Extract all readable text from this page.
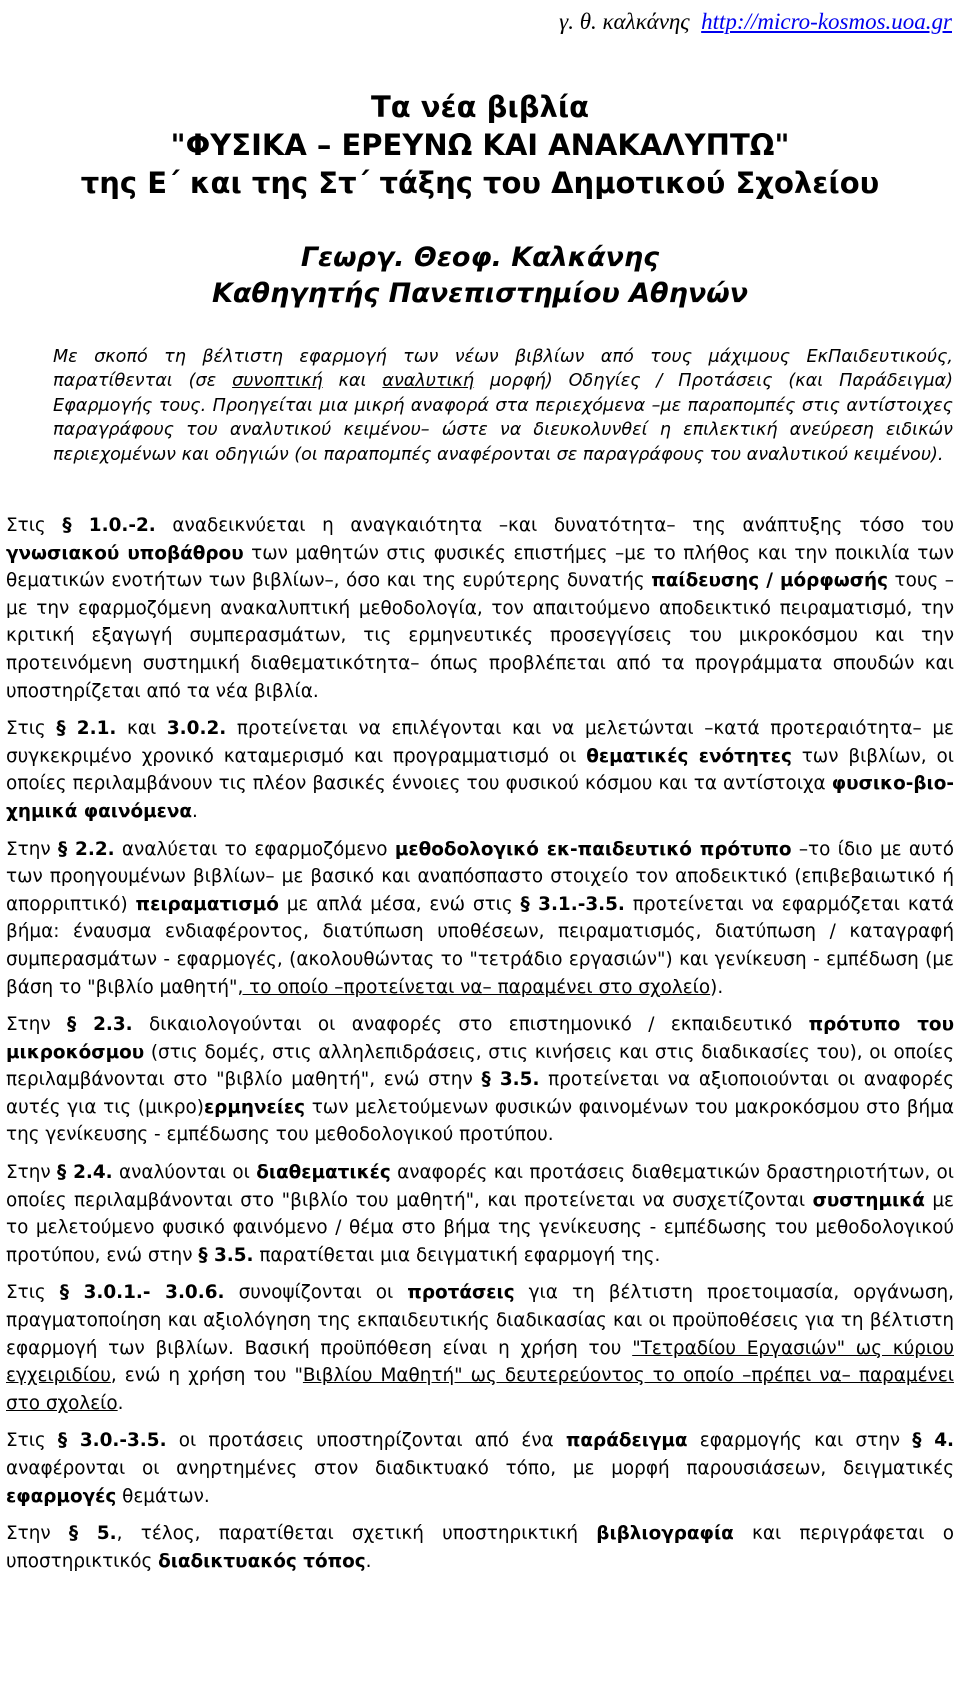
γ. θ. καλκάνης http://micro-kosmos.uoa.gr
Τα νέα βιβλία
"ΦΥΣΙΚΑ – ΕΡΕΥΝΩ ΚΑΙ ΑΝΑΚΑΛΥΠΤΩ"
της Ε΄ και της Στ΄ τάξης του Δημοτικού Σχολείου
Γεωργ. Θεοφ. Καλκάνης
Καθηγητής Πανεπιστημίου Αθηνών

Με σκοπό τη βέλτιστη εφαρμογή των νέων βιβλίων από τους μάχιμους ΕκΠαιδευτικούς, παρατίθενται (σε συνοπτική και αναλυτική μορφή) Οδηγίες / Προτάσεις (και Παράδειγμα) Εφαρμογής τους. Προηγείται μια μικρή αναφορά στα περιεχόμενα –με παραπομπές στις αντίστοιχες παραγράφους του αναλυτικού κειμένου– ώστε να διευκολυνθεί η επιλεκτική ανεύρεση ειδικών περιεχομένων και οδηγιών (οι παραπομπές αναφέρονται σε παραγράφους του αναλυτικού κειμένου).

Στις § 1.0.-2. αναδεικνύεται η αναγκαιότητα –και δυνατότητα– της ανάπτυξης τόσο του γνωσιακού υποβάθρου των μαθητών στις φυσικές επιστήμες –με το πλήθος και την ποικιλία των θεματικών ενοτήτων των βιβλίων–, όσο και της ευρύτερης δυνατής παίδευσης / μόρφωσής τους –με την εφαρμοζόμενη ανακαλυπτική μεθοδολογία, τον απαιτούμενο αποδεικτικό πειραματισμό, την κριτική εξαγωγή συμπερασμάτων, τις ερμηνευτικές προσεγγίσεις του μικροκόσμου και την προτεινόμενη συστημική διαθεματικότητα– όπως προβλέπεται από τα προγράμματα σπουδών και υποστηρίζεται από τα νέα βιβλία.

Στις § 2.1. και 3.0.2. προτείνεται να επιλέγονται και να μελετώνται –κατά προτεραιότητα– με συγκεκριμένο χρονικό καταμερισμό και προγραμματισμό οι θεματικές ενότητες των βιβλίων, οι οποίες περιλαμβάνουν τις πλέον βασικές έννοιες του φυσικού κόσμου και τα αντίστοιχα φυσικο-βιο-χημικά φαινόμενα.

Στην § 2.2. αναλύεται το εφαρμοζόμενο μεθοδολογικό εκ-παιδευτικό πρότυπο –το ίδιο με αυτό των προηγουμένων βιβλίων– με βασικό και αναπόσπαστο στοιχείο τον αποδεικτικό (επιβεβαιωτικό ή απορριπτικό) πειραματισμό με απλά μέσα, ενώ στις § 3.1.-3.5. προτείνεται να εφαρμόζεται κατά βήμα: έναυσμα ενδιαφέροντος, διατύπωση υποθέσεων, πειραματισμός, διατύπωση / καταγραφή συμπερασμάτων - εφαρμογές, (ακολουθώντας το "τετράδιο εργασιών") και γενίκευση - εμπέδωση (με βάση το "βιβλίο μαθητή", το οποίο –προτείνεται να– παραμένει στο σχολείο).

Στην § 2.3. δικαιολογούνται οι αναφορές στο επιστημονικό / εκπαιδευτικό πρότυπο του μικροκόσμου (στις δομές, στις αλληλεπιδράσεις, στις κινήσεις και στις διαδικασίες του), οι οποίες περιλαμβάνονται στο "βιβλίο μαθητή", ενώ στην § 3.5. προτείνεται να αξιοποιούνται οι αναφορές αυτές για τις (μικρο)ερμηνείες των μελετούμενων φυσικών φαινομένων του μακροκόσμου στο βήμα της γενίκευσης - εμπέδωσης του μεθοδολογικού προτύπου.

Στην § 2.4. αναλύονται οι διαθεματικές αναφορές και προτάσεις διαθεματικών δραστηριοτήτων, οι οποίες περιλαμβάνονται στο "βιβλίο του μαθητή", και προτείνεται να συσχετίζονται συστημικά με το μελετούμενο φυσικό φαινόμενο / θέμα στο βήμα της γενίκευσης - εμπέδωσης του μεθοδολογικού προτύπου, ενώ στην § 3.5. παρατίθεται μια δειγματική εφαρμογή της.

Στις § 3.0.1.- 3.0.6. συνοψίζονται οι προτάσεις για τη βέλτιστη προετοιμασία, οργάνωση, πραγματοποίηση και αξιολόγηση της εκπαιδευτικής διαδικασίας και οι προϋποθέσεις για τη βέλτιστη εφαρμογή των βιβλίων. Βασική προϋπόθεση είναι η χρήση του "Τετραδίου Εργασιών" ως κύριου εγχειριδίου, ενώ η χρήση του "Βιβλίου Μαθητή" ως δευτερεύοντος το οποίο –πρέπει να– παραμένει στο σχολείο.

Στις § 3.0.-3.5. οι προτάσεις υποστηρίζονται από ένα παράδειγμα εφαρμογής και στην § 4. αναφέρονται οι ανηρτημένες στον διαδικτυακό τόπο, με μορφή παρουσιάσεων, δειγματικές εφαρμογές θεμάτων.

Στην § 5., τέλος, παρατίθεται σχετική υποστηρικτική βιβλιογραφία και περιγράφεται ο υποστηρικτικός διαδικτυακός τόπος.
